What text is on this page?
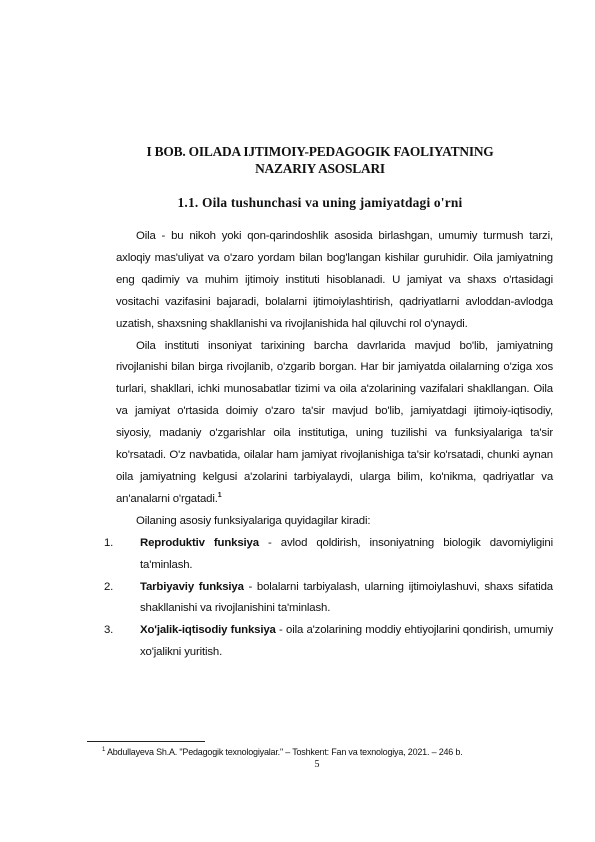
I BOB. OILADA IJTIMOIY-PEDAGOGIK FAOLIYATNING
NAZARIY ASOSLARI
1.1. Oila tushunchasi va uning jamiyatdagi o'rni

Oila - bu nikoh yoki qon-qarindoshlik asosida birlashgan, umumiy turmush tarzi, axloqiy mas'uliyat va o'zaro yordam bilan bog'langan kishilar guruhidir. Oila jamiyatning eng qadimiy va muhim ijtimoiy instituti hisoblanadi. U jamiyat va shaxs o'rtasidagi vositachi vazifasini bajaradi, bolalarni ijtimoiylashtirish, qadriyatlarni avloddan-avlodga uzatish, shaxsning shakllanishi va rivojlanishida hal qiluvchi rol o'ynaydi.

Oila instituti insoniyat tarixining barcha davrlarida mavjud bo'lib, jamiyatning rivojlanishi bilan birga rivojlanib, o'zgarib borgan. Har bir jamiyatda oilalarning o'ziga xos turlari, shakllari, ichki munosabatlar tizimi va oila a'zolarining vazifalari shakllangan. Oila va jamiyat o'rtasida doimiy o'zaro ta'sir mavjud bo'lib, jamiyatdagi ijtimoiy-iqtisodiy, siyosiy, madaniy o'zgarishlar oila institutiga, uning tuzilishi va funksiyalariga ta'sir ko'rsatadi. O'z navbatida, oilalar ham jamiyat rivojlanishiga ta'sir ko'rsatadi, chunki aynan oila jamiyatning kelgusi a'zolarini tarbiyalaydi, ularga bilim, ko'nikma, qadriyatlar va an'analarni o'rgatadi.$^1$

Oilaning asosiy funksiyalariga quyidagilar kiradi:

1. Reproduktiv funksiya - avlod qoldirish, insoniyatning biologik davomiyligini ta'minlash.
2. Tarbiyaviy funksiya - bolalarni tarbiyalash, ularning ijtimoiylashuvi, shaxs sifatida shakllanishi va rivojlanishini ta'minlash.
3. Xo'jalik-iqtisodiy funksiya - oila a'zolarining moddiy ehtiyojlarini qondirish, umumiy xo'jalikni yuritish.
$^1$ Abdullayeva Sh.A. "Pedagogik texnologiyalar." – Toshkent: Fan va texnologiya, 2021. – 246 b.
5
